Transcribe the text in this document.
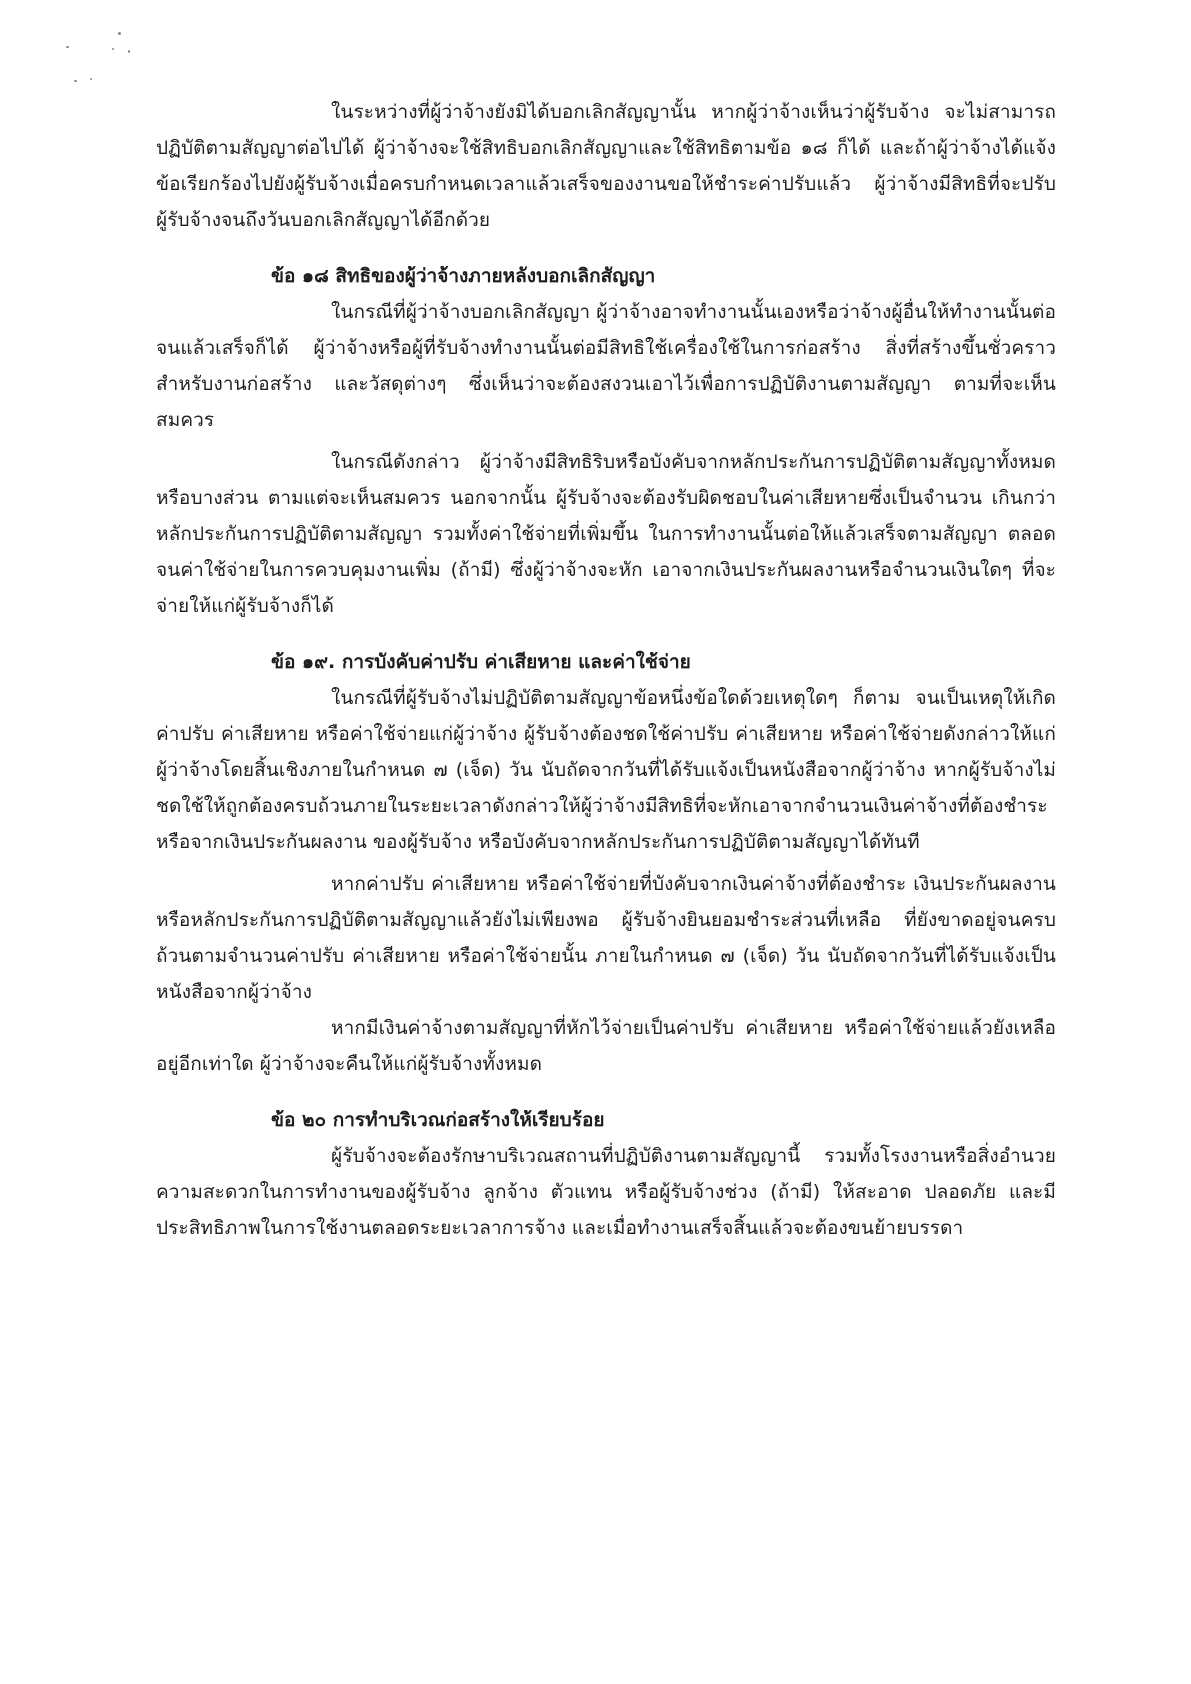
ในระหว่างที่ผู้ว่าจ้างยังมิได้บอกเลิกสัญญานั้น หากผู้ว่าจ้างเห็นว่าผู้รับจ้าง จะไม่สามารถปฏิบัติตามสัญญาต่อไปได้ ผู้ว่าจ้างจะใช้สิทธิบอกเลิกสัญญาและใช้สิทธิตามข้อ ๑๘ ก็ได้ และถ้าผู้ว่าจ้างได้แจ้งข้อเรียกร้องไปยังผู้รับจ้างเมื่อครบกำหนดเวลาแล้วเสร็จของงานขอให้ชำระค่าปรับแล้ว ผู้ว่าจ้างมีสิทธิที่จะปรับผู้รับจ้างจนถึงวันบอกเลิกสัญญาได้อีกด้วย

ข้อ ๑๘ สิทธิของผู้ว่าจ้างภายหลังบอกเลิกสัญญา

ในกรณีที่ผู้ว่าจ้างบอกเลิกสัญญา ผู้ว่าจ้างอาจทำงานนั้นเองหรือว่าจ้างผู้อื่นให้ทำงานนั้นต่อจนแล้วเสร็จก็ได้ ผู้ว่าจ้างหรือผู้ที่รับจ้างทำงานนั้นต่อมีสิทธิใช้เครื่องใช้ในการก่อสร้าง สิ่งที่สร้างขึ้นชั่วคราวสำหรับงานก่อสร้าง และวัสดุต่างๆ ซึ่งเห็นว่าจะต้องสงวนเอาไว้เพื่อการปฏิบัติงานตามสัญญา ตามที่จะเห็นสมควร

ในกรณีดังกล่าว ผู้ว่าจ้างมีสิทธิริบหรือบังคับจากหลักประกันการปฏิบัติตามสัญญาทั้งหมด หรือบางส่วน ตามแต่จะเห็นสมควร นอกจากนั้น ผู้รับจ้างจะต้องรับผิดชอบในค่าเสียหายซึ่งเป็นจำนวน เกินกว่าหลักประกันการปฏิบัติตามสัญญา รวมทั้งค่าใช้จ่ายที่เพิ่มขึ้น ในการทำงานนั้นต่อให้แล้วเสร็จตามสัญญา ตลอดจนค่าใช้จ่ายในการควบคุมงานเพิ่ม (ถ้ามี) ซึ่งผู้ว่าจ้างจะหัก เอาจากเงินประกันผลงานหรือจำนวนเงินใดๆ ที่จะจ่ายให้แก่ผู้รับจ้างก็ได้

ข้อ ๑๙. การบังคับค่าปรับ ค่าเสียหาย และค่าใช้จ่าย

ในกรณีที่ผู้รับจ้างไม่ปฏิบัติตามสัญญาข้อหนึ่งข้อใดด้วยเหตุใดๆ ก็ตาม จนเป็นเหตุให้เกิดค่าปรับ ค่าเสียหาย หรือค่าใช้จ่ายแก่ผู้ว่าจ้าง ผู้รับจ้างต้องชดใช้ค่าปรับ ค่าเสียหาย หรือค่าใช้จ่ายดังกล่าวให้แก่ผู้ว่าจ้างโดยสิ้นเชิงภายในกำหนด ๗ (เจ็ด) วัน นับถัดจากวันที่ได้รับแจ้งเป็นหนังสือจากผู้ว่าจ้าง หากผู้รับจ้างไม่ชดใช้ให้ถูกต้องครบถ้วนภายในระยะเวลาดังกล่าวให้ผู้ว่าจ้างมีสิทธิที่จะหักเอาจากจำนวนเงินค่าจ้างที่ต้องชำระ หรือจากเงินประกันผลงาน ของผู้รับจ้าง หรือบังคับจากหลักประกันการปฏิบัติตามสัญญาได้ทันที

หากค่าปรับ ค่าเสียหาย หรือค่าใช้จ่ายที่บังคับจากเงินค่าจ้างที่ต้องชำระ เงินประกันผลงาน หรือหลักประกันการปฏิบัติตามสัญญาแล้วยังไม่เพียงพอ ผู้รับจ้างยินยอมชำระส่วนที่เหลือ ที่ยังขาดอยู่จนครบถ้วนตามจำนวนค่าปรับ ค่าเสียหาย หรือค่าใช้จ่ายนั้น ภายในกำหนด ๗ (เจ็ด) วัน นับถัดจากวันที่ได้รับแจ้งเป็นหนังสือจากผู้ว่าจ้าง

หากมีเงินค่าจ้างตามสัญญาที่หักไว้จ่ายเป็นค่าปรับ ค่าเสียหาย หรือค่าใช้จ่ายแล้วยังเหลืออยู่อีกเท่าใด ผู้ว่าจ้างจะคืนให้แก่ผู้รับจ้างทั้งหมด

ข้อ ๒๐ การทำบริเวณก่อสร้างให้เรียบร้อย

ผู้รับจ้างจะต้องรักษาบริเวณสถานที่ปฏิบัติงานตามสัญญานี้ รวมทั้งโรงงานหรือสิ่งอำนวยความสะดวกในการทำงานของผู้รับจ้าง ลูกจ้าง ตัวแทน หรือผู้รับจ้างช่วง (ถ้ามี) ให้สะอาด ปลอดภัย และมีประสิทธิภาพในการใช้งานตลอดระยะเวลาการจ้าง และเมื่อทำงานเสร็จสิ้นแล้วจะต้องขนย้ายบรรดา
